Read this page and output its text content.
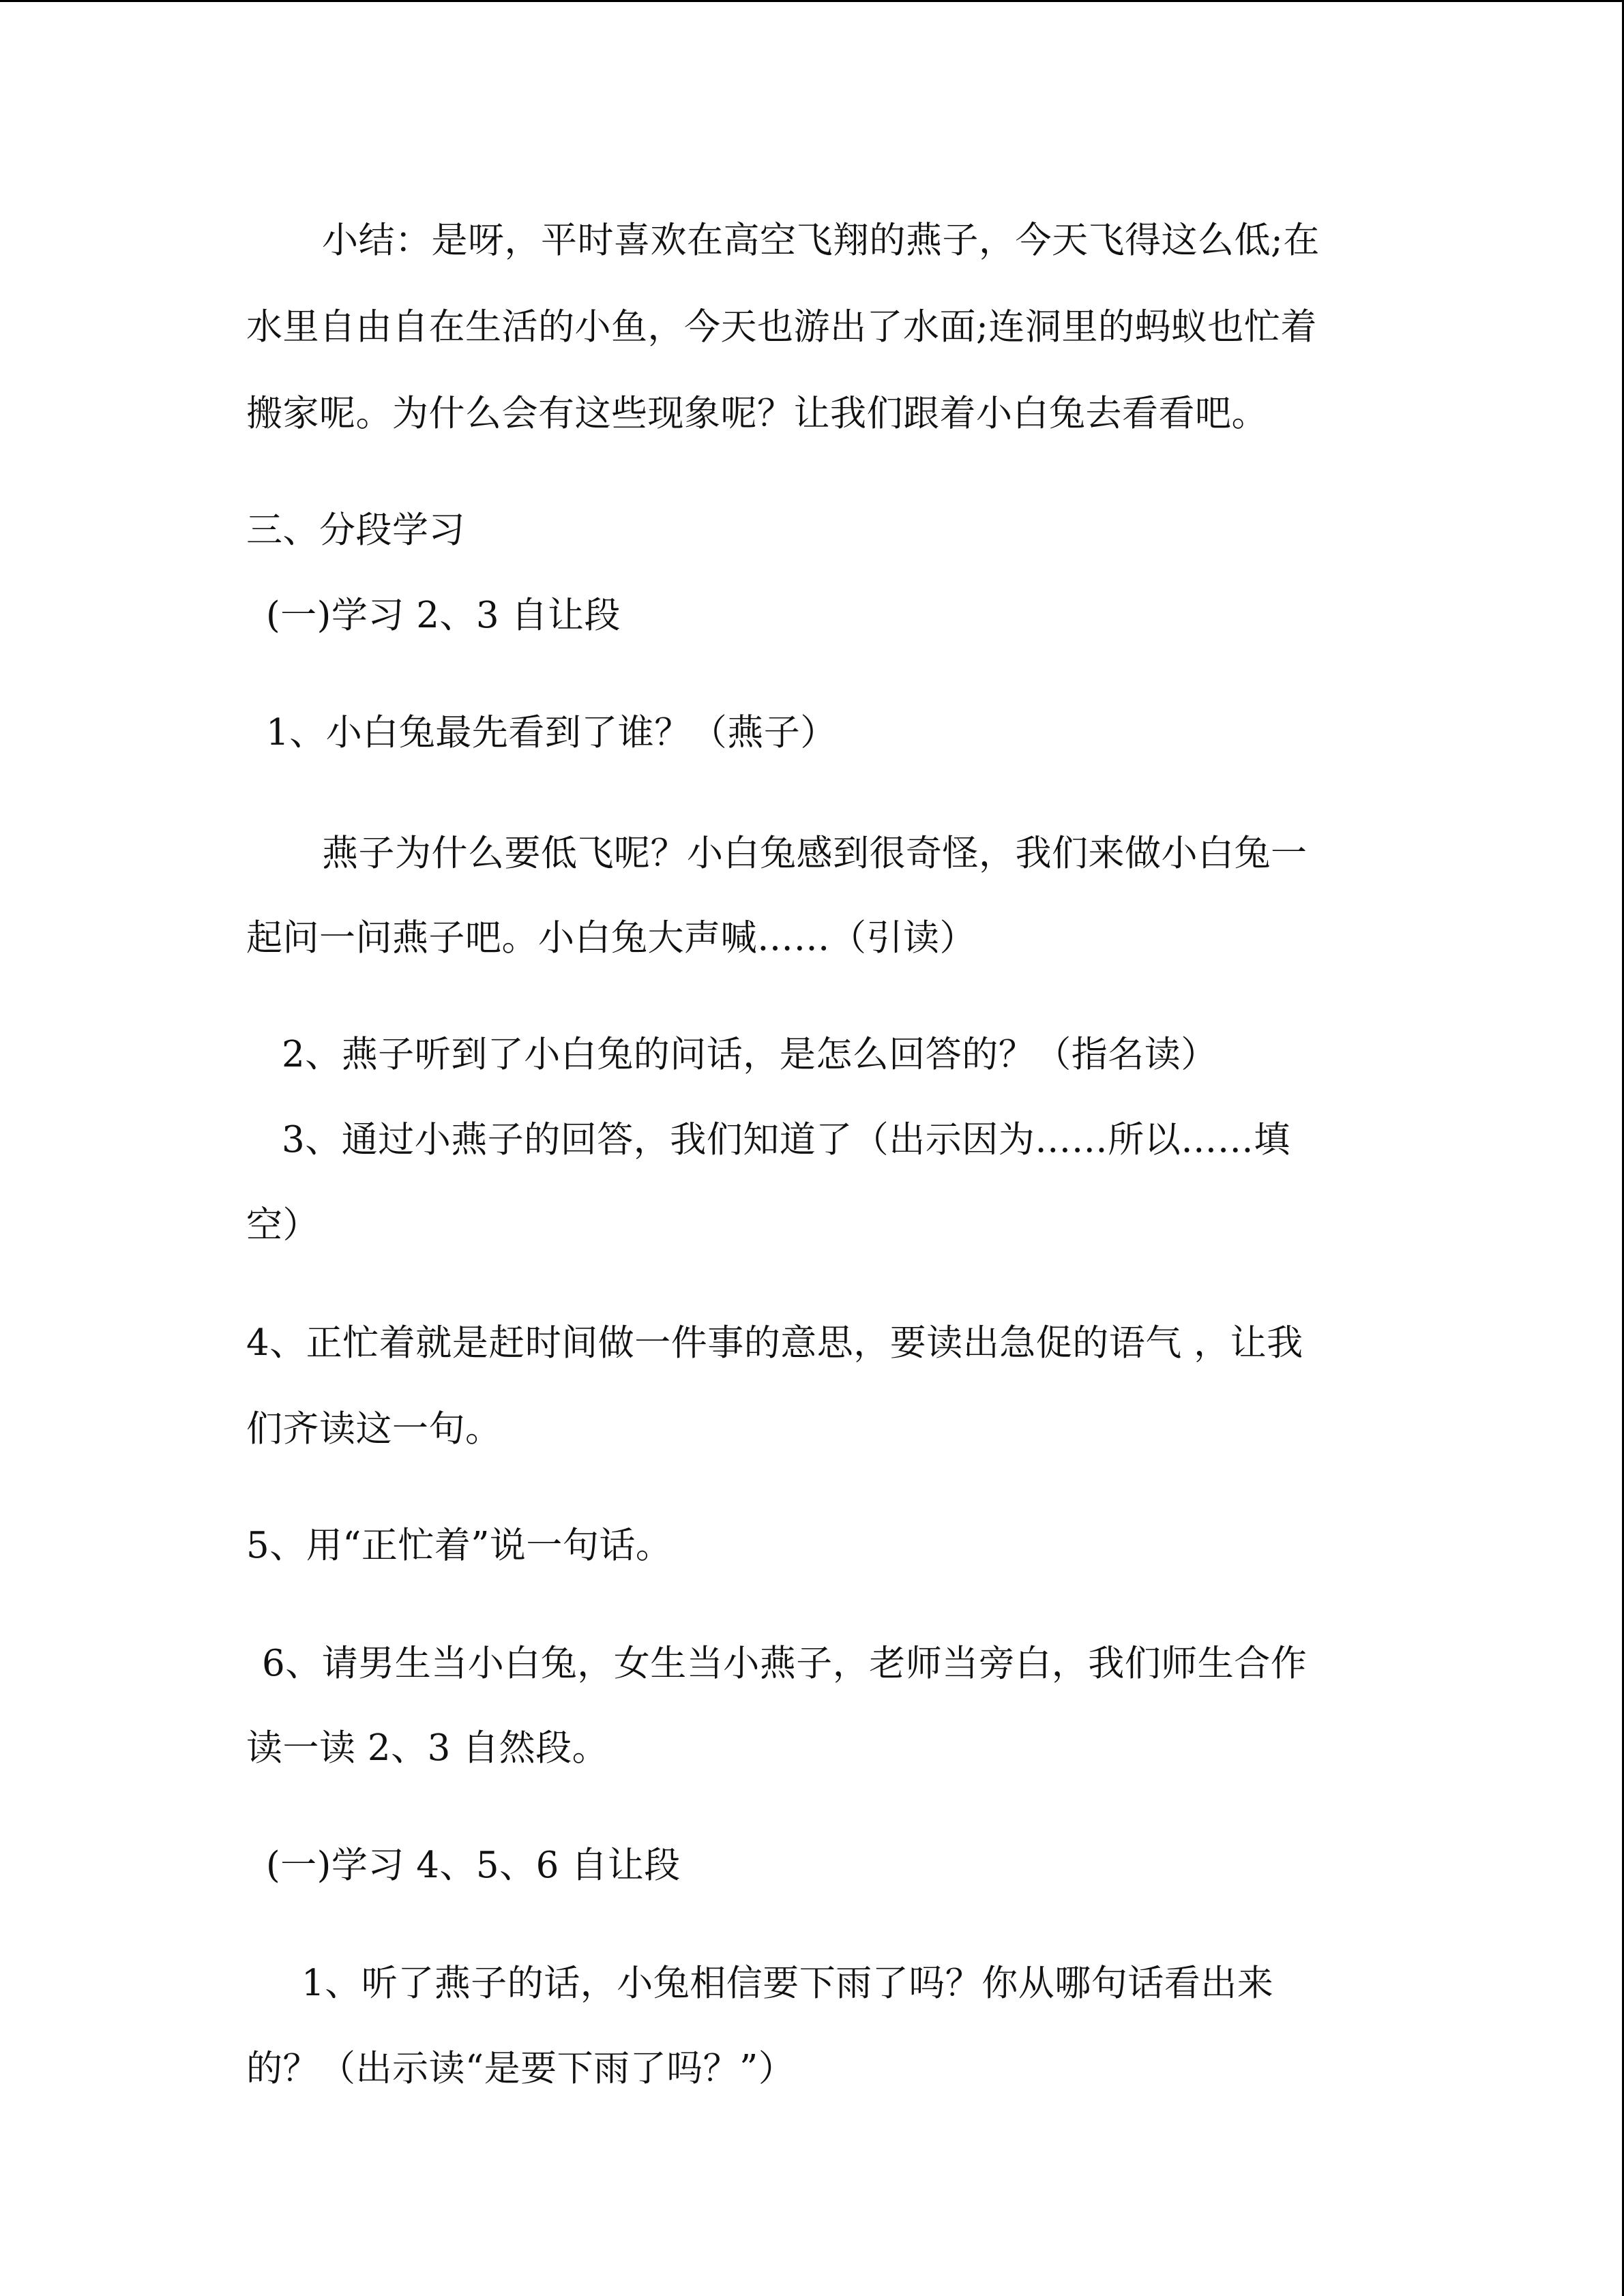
小结：是呀，平时喜欢在高空飞翔的燕子，今天飞得这么低;在
水里自由自在生活的小鱼，今天也游出了水面;连洞里的蚂蚁也忙着
搬家呢。为什么会有这些现象呢？让我们跟着小白兔去看看吧。
三、分段学习
(一)学习 2、3 自让段
1、小白兔最先看到了谁？（燕子）
燕子为什么要低飞呢？小白兔感到很奇怪，我们来做小白兔一
起问一问燕子吧。小白兔大声喊……（引读）
2、燕子听到了小白兔的问话，是怎么回答的？（指名读）
3、通过小燕子的回答，我们知道了（出示因为……所以……填
空）
4、正忙着就是赶时间做一件事的意思，要读出急促的语气 ，让我
们齐读这一句。
5、用“正忙着”说一句话。
6、请男生当小白兔，女生当小燕子，老师当旁白，我们师生合作
读一读 2、3 自然段。
(一)学习 4、5、6 自让段
1、听了燕子的话，小兔相信要下雨了吗？你从哪句话看出来
的？（出示读“是要下雨了吗？”）
